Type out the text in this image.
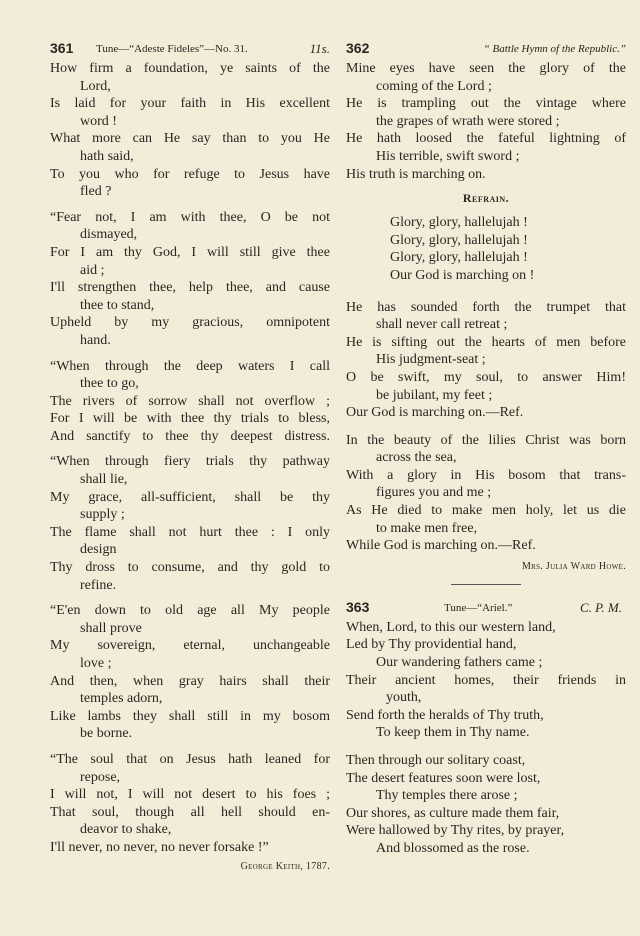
361 Tune—“Adeste Fideles”—No. 31.	11s.
How firm a foundation, ye saints of the
Lord,
Is laid for your faith in His excellent
word !
What more can He say than to you He
hath said,
To you who for refuge to Jesus have
fled ?
“Fear not, I am with thee, O be not
dismayed,
For I am thy God, I will still give thee
aid ;
I'll strengthen thee, help thee, and cause
thee to stand,
Upheld by my gracious, omnipotent
hand.
“When through the deep waters I call
thee to go,
The rivers of sorrow shall not overflow ;
For I will be with thee thy trials to bless,
And sanctify to thee thy deepest distress.
“When through fiery trials thy pathway
shall lie,
My grace, all-sufficient, shall be thy
supply ;
The flame shall not hurt thee : I only
design
Thy dross to consume, and thy gold to
refine.
“E'en down to old age all My people
shall prove
My sovereign, eternal, unchangeable
love ;
And then, when gray hairs shall their
temples adorn,
Like lambs they shall still in my bosom
be borne.
“The soul that on Jesus hath leaned for
repose,
I will not, I will not desert to his foes ;
That soul, though all hell should en-
deavor to shake,
I'll never, no never, no never forsake !”
George Keith, 1787.
362	“ Battle Hymn of the Republic.”
Mine eyes have seen the glory of the
coming of the Lord ;
He is trampling out the vintage where
the grapes of wrath were stored ;
He hath loosed the fateful lightning of
His terrible, swift sword ;
His truth is marching on.
Refrain.
Glory, glory, hallelujah !
Glory, glory, hallelujah !
Glory, glory, hallelujah !
Our God is marching on !
He has sounded forth the trumpet that
shall never call retreat ;
He is sifting out the hearts of men before
His judgment-seat ;
O be swift, my soul, to answer Him!
be jubilant, my feet ;
Our God is marching on.—Ref.
In the beauty of the lilies Christ was born
across the sea,
With a glory in His bosom that trans-
figures you and me ;
As He died to make men holy, let us die
to make men free,
While God is marching on.—Ref.
Mrs. Julia Ward Howe.
363	Tune—“Ariel.”	C. P. M.
When, Lord, to this our western land,
Led by Thy providential hand,
Our wandering fathers came ;
Their ancient homes, their friends in
youth,
Send forth the heralds of Thy truth,
To keep them in Thy name.
Then through our solitary coast,
The desert features soon were lost,
Thy temples there arose ;
Our shores, as culture made them fair,
Were hallowed by Thy rites, by prayer,
And blossomed as the rose.
